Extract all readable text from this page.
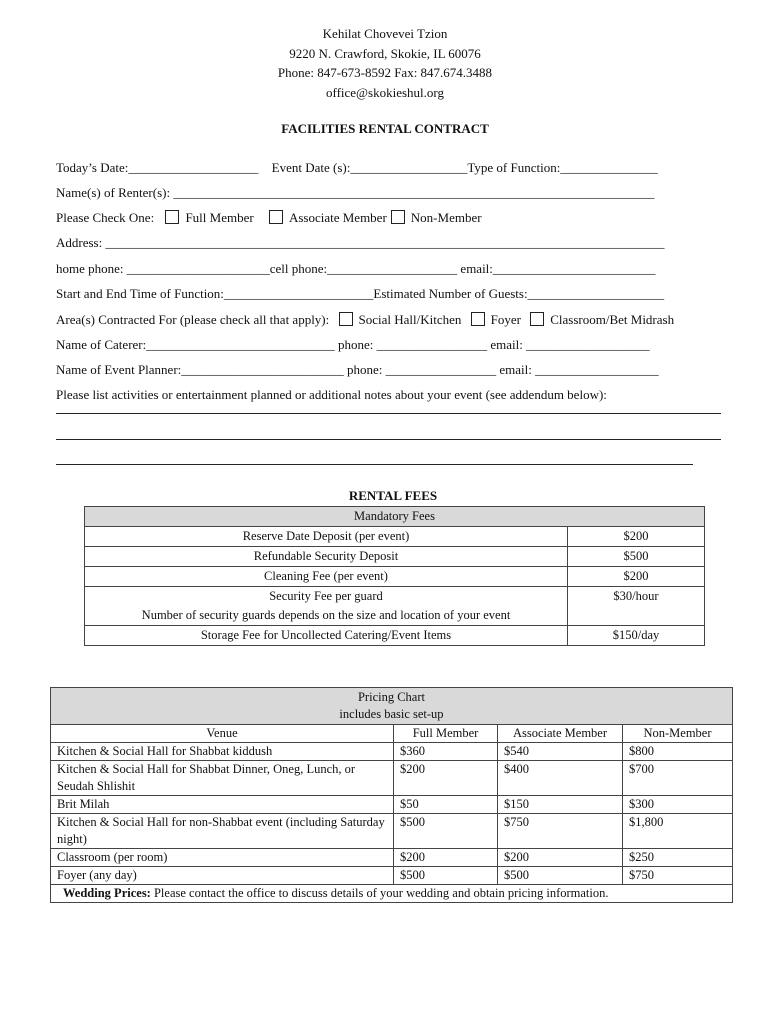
Kehilat Chovevei Tzion
9220 N. Crawford, Skokie, IL 60076
Phone: 847-673-8592 Fax: 847.674.3488
office@skokieshul.org
FACILITIES RENTAL CONTRACT
Today’s Date:____________________ Event Date (s):__________________Type of Function:_______________
Name(s) of Renter(s): __________________________________________________________________________
Please Check One: Full Member	Associate Member Non-Member
Address: ______________________________________________________________________________________
home phone: ______________________cell phone:____________________ email:_________________________
Start and End Time of Function:_______________________Estimated Number of Guests:_____________________
Area(s) Contracted For (please check all that apply): Social Hall/Kitchen Foyer Classroom/Bet Midrash
Name of Caterer:_____________________________ phone: _________________ email: ___________________
Name of Event Planner:_________________________ phone: _________________ email: ___________________
Please list activities or entertainment planned or additional notes about your event (see addendum below):
RENTAL FEES
Mandatory Fees	
Reserve Date Deposit (per event)	$200
Refundable Security Deposit	$500
Cleaning Fee (per event)	$200

Security Fee per guard
Number of security guards depends on the size and location of your event	$30/hour
Storage Fee for Uncollected Catering/Event Items	$150/day
Pricing Chart
includes basic set-up			

Venue	Full Member	Associate Member	Non-Member
Kitchen & Social Hall for Shabbat kiddush	$360	$540	$800
Kitchen & Social Hall for Shabbat Dinner, Oneg, Lunch, or Seudah Shlishit	$200	$400	$700
Brit Milah	$50	$150	$300
Kitchen & Social Hall for non-Shabbat event (including Saturday night)	$500	$750	$1,800
Classroom (per room)	$200	$200	$250
Foyer (any day)	$500	$500	$750
Wedding Prices: Please contact the office to discuss details of your wedding and obtain pricing information.			
